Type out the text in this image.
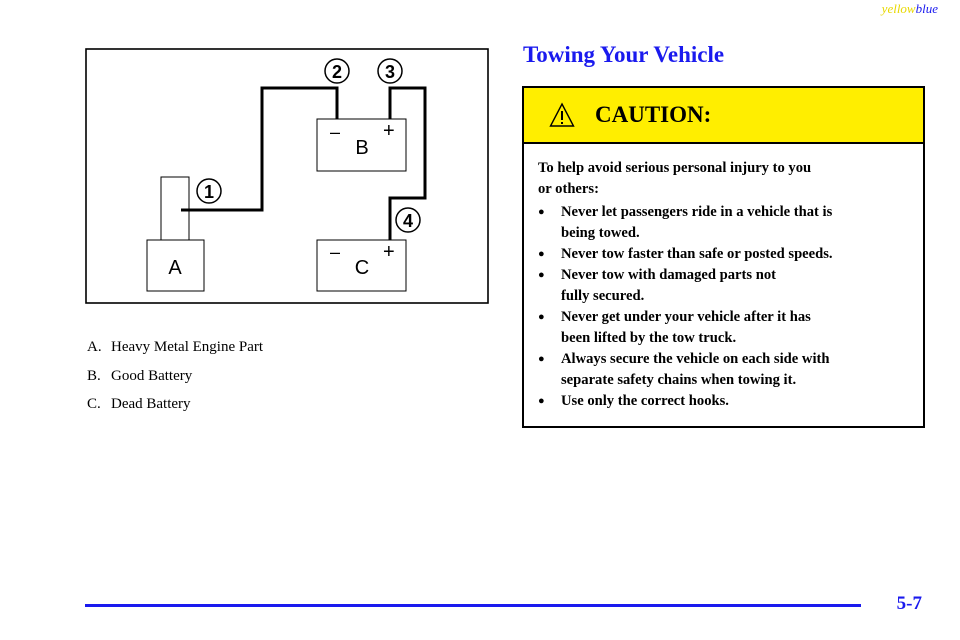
yellowblue
A
– +
B
– +
C
1
2 3
4
A. Heavy Metal Engine Part
B. Good Battery
C. Dead Battery
Towing Your Vehicle
CAUTION:

To help avoid serious personal injury to you
or others:

●	Never let passengers ride in a vehicle that is
being towed.
●	Never tow faster than safe or posted speeds.
●	Never tow with damaged parts not
fully secured.
●	Never get under your vehicle after it has
been lifted by the tow truck.
●	Always secure the vehicle on each side with
separate safety chains when towing it.
●	Use only the correct hooks.
5-7
